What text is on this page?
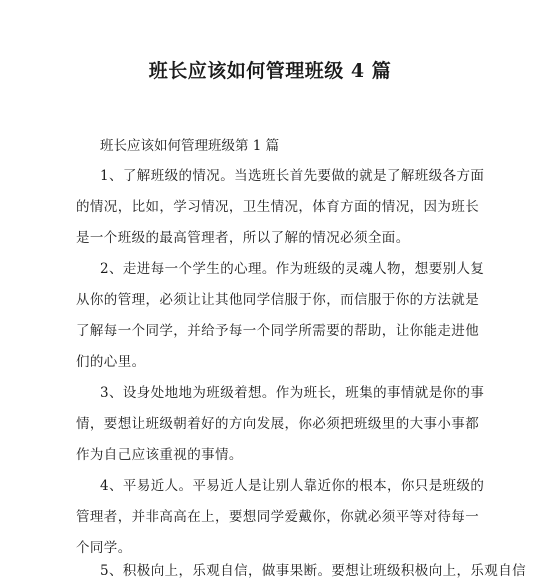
班长应该如何管理班级 4 篇
班长应该如何管理班级第 1 篇
1、了解班级的情况。当选班长首先要做的就是了解班级各方面
的情况，比如，学习情况，卫生情况，体育方面的情况，因为班长
是一个班级的最高管理者，所以了解的情况必须全面。
2、走进每一个学生的心理。作为班级的灵魂人物，想要别人复
从你的管理，必须让让其他同学信服于你，而信服于你的方法就是
了解每一个同学，并给予每一个同学所需要的帮助，让你能走进他
们的心里。
3、设身处地地为班级着想。作为班长，班集的事情就是你的事
情，要想让班级朝着好的方向发展，你必须把班级里的大事小事都
作为自己应该重视的事情。
4、平易近人。平易近人是让别人靠近你的根本，你只是班级的
管理者，并非高高在上，要想同学爱戴你，你就必须平等对待每一
个同学。
5、积极向上，乐观自信，做事果断。要想让班级积极向上，乐观自信
